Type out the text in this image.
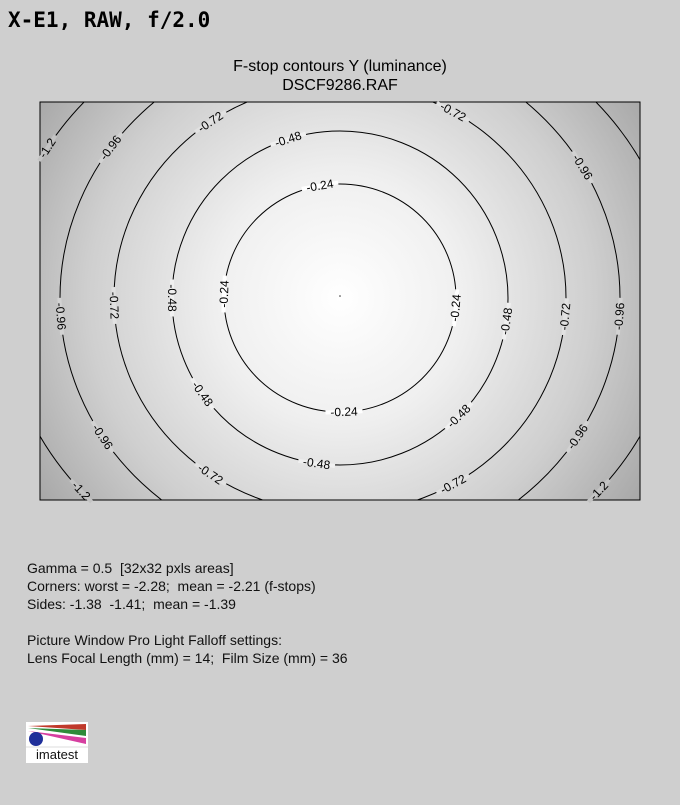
X-E1, RAW, f/2.0
F-stop contours Y (luminance)
DSCF9286.RAF
-0.24
-0.24
-0.24
-0.24
-0.48
-0.48
-0.48
-0.48
-0.48
-0.48
-0.72	-0.72
-0.72
-0.72
-0.72
-0.72
-0.96
-0.96
-0.96
-0.96
-0.96
-0.96
-1.2
-1.2
-1.2
Gamma = 0.5  [32x32 pxls areas]
Corners: worst = -2.28;  mean = -2.21 (f-stops)
Sides: -1.38  -1.41;  mean = -1.39
Picture Window Pro Light Falloff settings:
Lens Focal Length (mm) = 14;  Film Size (mm) = 36
imatest
